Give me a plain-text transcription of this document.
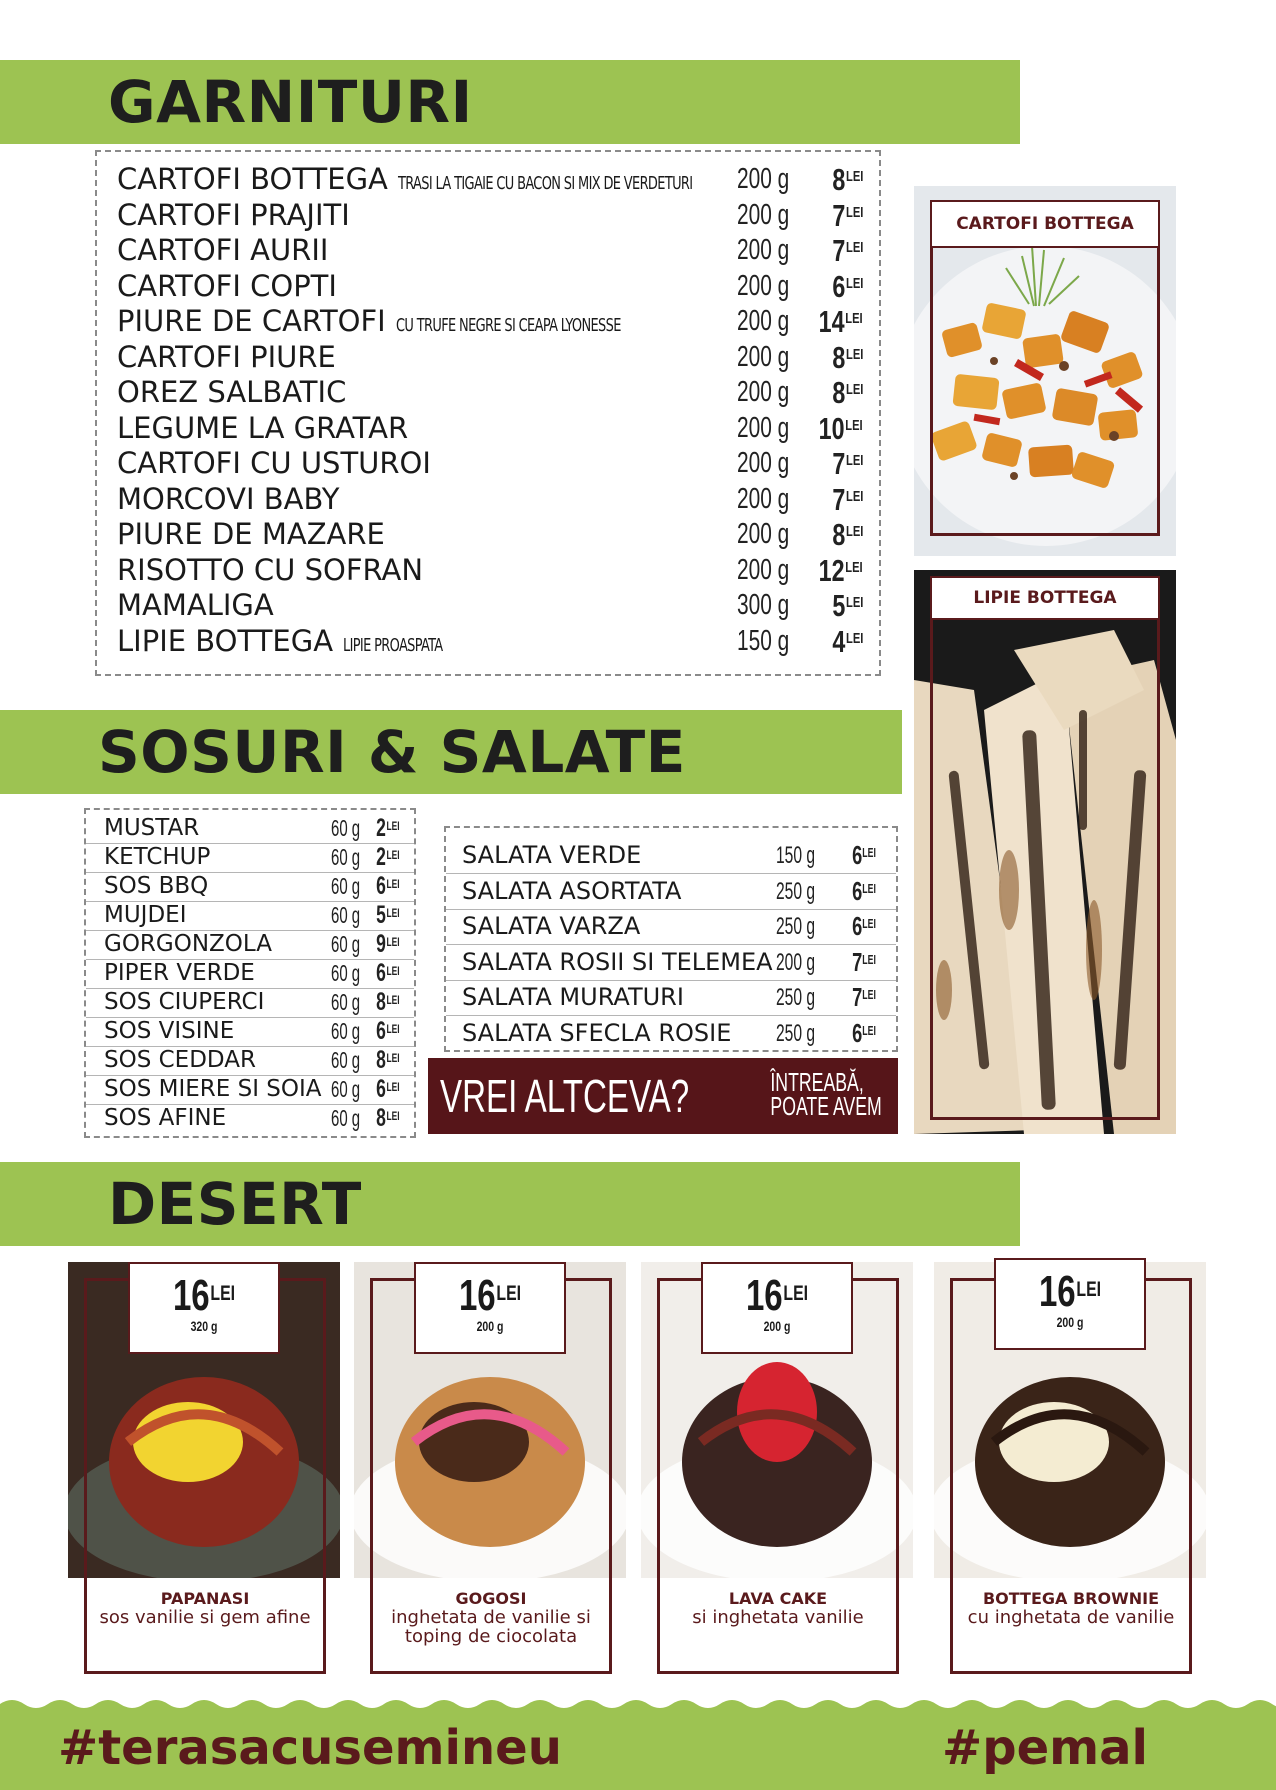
GARNITURI
CARTOFI BOTTEGA TRASI LA TIGAIE CU BACON SI MIX DE VERDETURI	200 g $8^{LEI}$
CARTOFI PRAJITI	200 g $7^{LEI}$
CARTOFI AURII	200 g $7^{LEI}$
CARTOFI COPTI	200 g $6^{LEI}$
PIURE DE CARTOFI CU TRUFE NEGRE SI CEAPA LYONESSE	200 g $14^{LEI}$
CARTOFI PIURE	200 g $8^{LEI}$
OREZ SALBATIC	200 g $8^{LEI}$
LEGUME LA GRATAR	200 g $10^{LEI}$
CARTOFI CU USTUROI	200 g $7^{LEI}$
MORCOVI BABY	200 g $7^{LEI}$
PIURE DE MAZARE	200 g $8^{LEI}$
RISOTTO CU SOFRAN	200 g $12^{LEI}$
MAMALIGA	300 g $5^{LEI}$
LIPIE BOTTEGA LIPIE PROASPATA	150 g $4^{LEI}$
CARTOFI BOTTEGA
SOSURI & SALATE
LIPIE BOTTEGA
MUSTAR	60 g $2^{LEI}$
KETCHUP	60 g $2^{LEI}$
SOS BBQ	60 g $6^{LEI}$
MUJDEI	60 g $5^{LEI}$
GORGONZOLA	60 g $9^{LEI}$
PIPER VERDE	60 g $6^{LEI}$
SOS CIUPERCI	60 g $8^{LEI}$
SOS VISINE	60 g $6^{LEI}$
SOS CEDDAR	60 g $8^{LEI}$
SOS MIERE SI SOIA 60 g $6^{LEI}$
SOS AFINE	60 g $8^{LEI}$
SALATA VERDE	150 g $6^{LEI}$
SALATA ASORTATA	250 g $6^{LEI}$
SALATA VARZA	250 g $6^{LEI}$
SALATA ROSII SI TELEMEA 200 g $7^{LEI}$
SALATA MURATURI	250 g $7^{LEI}$
SALATA SFECLA ROSIE 250 g $6^{LEI}$
VREI ALTCEVA?	ÎNTREABĂ,
POATE AVEM
DESERT
PAPANASI
sos vanilie si gem afine
$16^{LEI}$
320 g
GOGOSI
inghetata de vanilie si toping de ciocolata
$16^{LEI}$
200 g
LAVA CAKE
si inghetata vanilie
$16^{LEI}$
200 g
BOTTEGA BROWNIE
cu inghetata de vanilie
$16^{LEI}$
200 g
#terasacusemineu	#pemal
